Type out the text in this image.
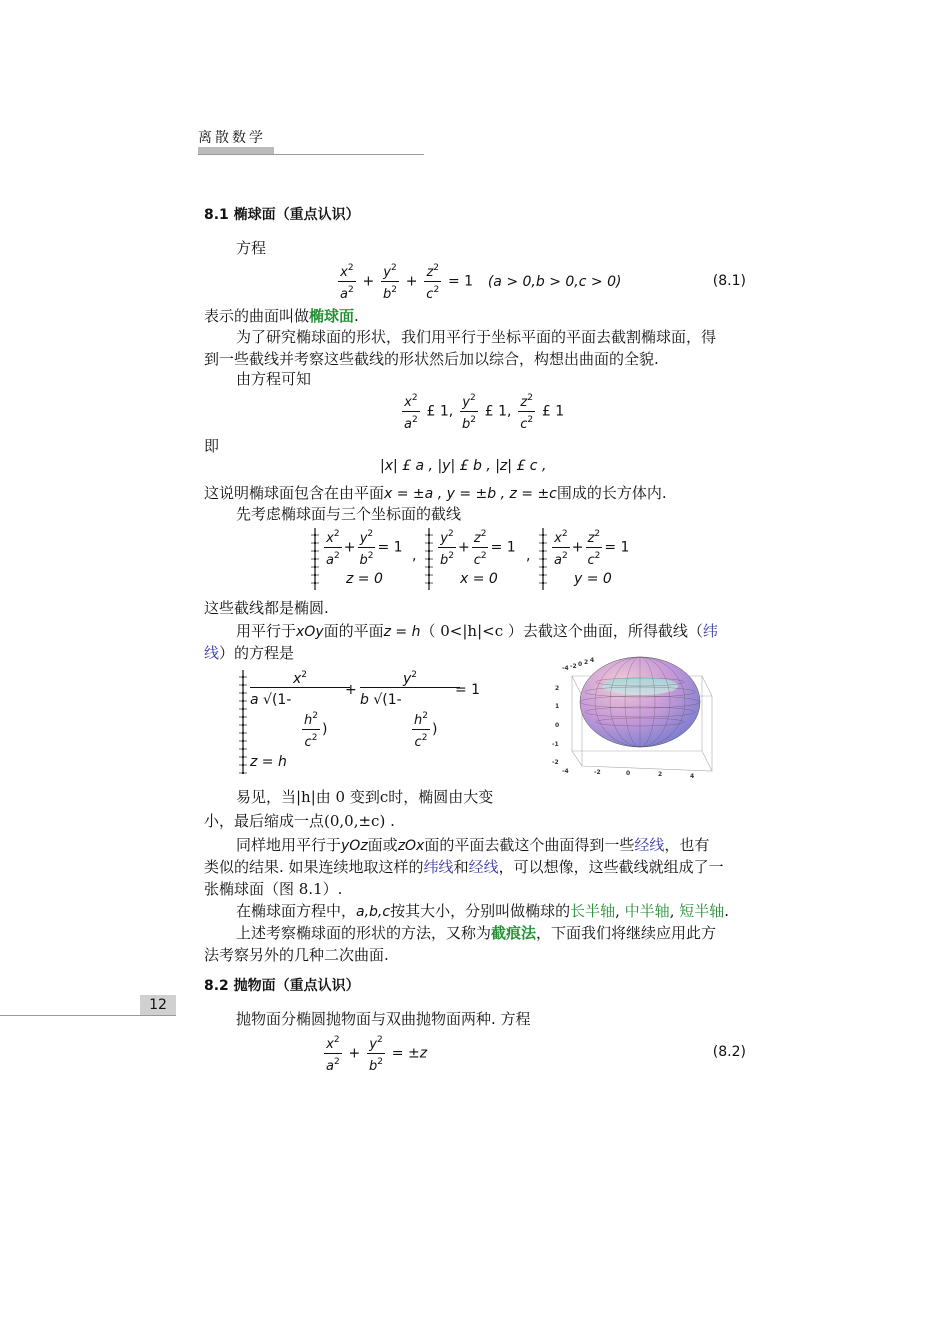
离散数学
8.1 椭球面（重点认识）
方程
$\frac{x^2}{a^2} + \frac{y^2}{b^2} + \frac{z^2}{c^2} = 1$ (a > 0,b > 0,c > 0)	(8.1)
表示的曲面叫做椭球面.
为了研究椭球面的形状，我们用平行于坐标平面的平面去截割椭球面，得
到一些截线并考察这些截线的形状然后加以综合，构想出曲面的全貌.
由方程可知
$\frac{x^2}{a^2}$ £ 1, $\frac{y^2}{b^2}$ £ 1, $\frac{z^2}{c^2}$ £ 1
即
|x| £ a , |y| £ b , |z| £ c ,
这说明椭球面包含在由平面x = ±a , y = ±b , z = ±c围成的长方体内.
先考虑椭球面与三个坐标面的截线
$\frac{x^2}{a^2} + \frac{y^2}{b^2} = 1$
z = 0
, $\frac{y^2}{b^2} + \frac{z^2}{c^2} = 1$
x = 0
, $\frac{x^2}{a^2} + \frac{z^2}{c^2} = 1$
y = 0
这些截线都是椭圆.
用平行于xOy面的平面z = h（ 0<|h|<c ）去截这个曲面，所得截线（纬
线）的方程是
$x^2$
a √(1-
+
$y^2$
b √(1-
= 1
$\frac{h^2}{c^2}$ )	$\frac{h^2}{c^2}$ )
z = h
-4 -2 0 2 4
2
1
0
-1
-2
-4	-2	0	2	4
易见，当|h|由 0 变到c时，椭圆由大变
小，最后缩成一点(0,0,±c) .
同样地用平行于yOz面或zOx面的平面去截这个曲面得到一些经线，也有
类似的结果. 如果连续地取这样的纬线和经线，可以想像，这些截线就组成了一
张椭球面（图 8.1）.
在椭球面方程中，a,b,c按其大小，分别叫做椭球的长半轴, 中半轴, 短半轴.
上述考察椭球面的形状的方法，又称为截痕法，下面我们将继续应用此方
法考察另外的几种二次曲面.
8.2 抛物面（重点认识）
12
抛物面分椭圆抛物面与双曲抛物面两种. 方程
$\frac{x^2}{a^2} + \frac{y^2}{b^2} = \pm z$	(8.2)
